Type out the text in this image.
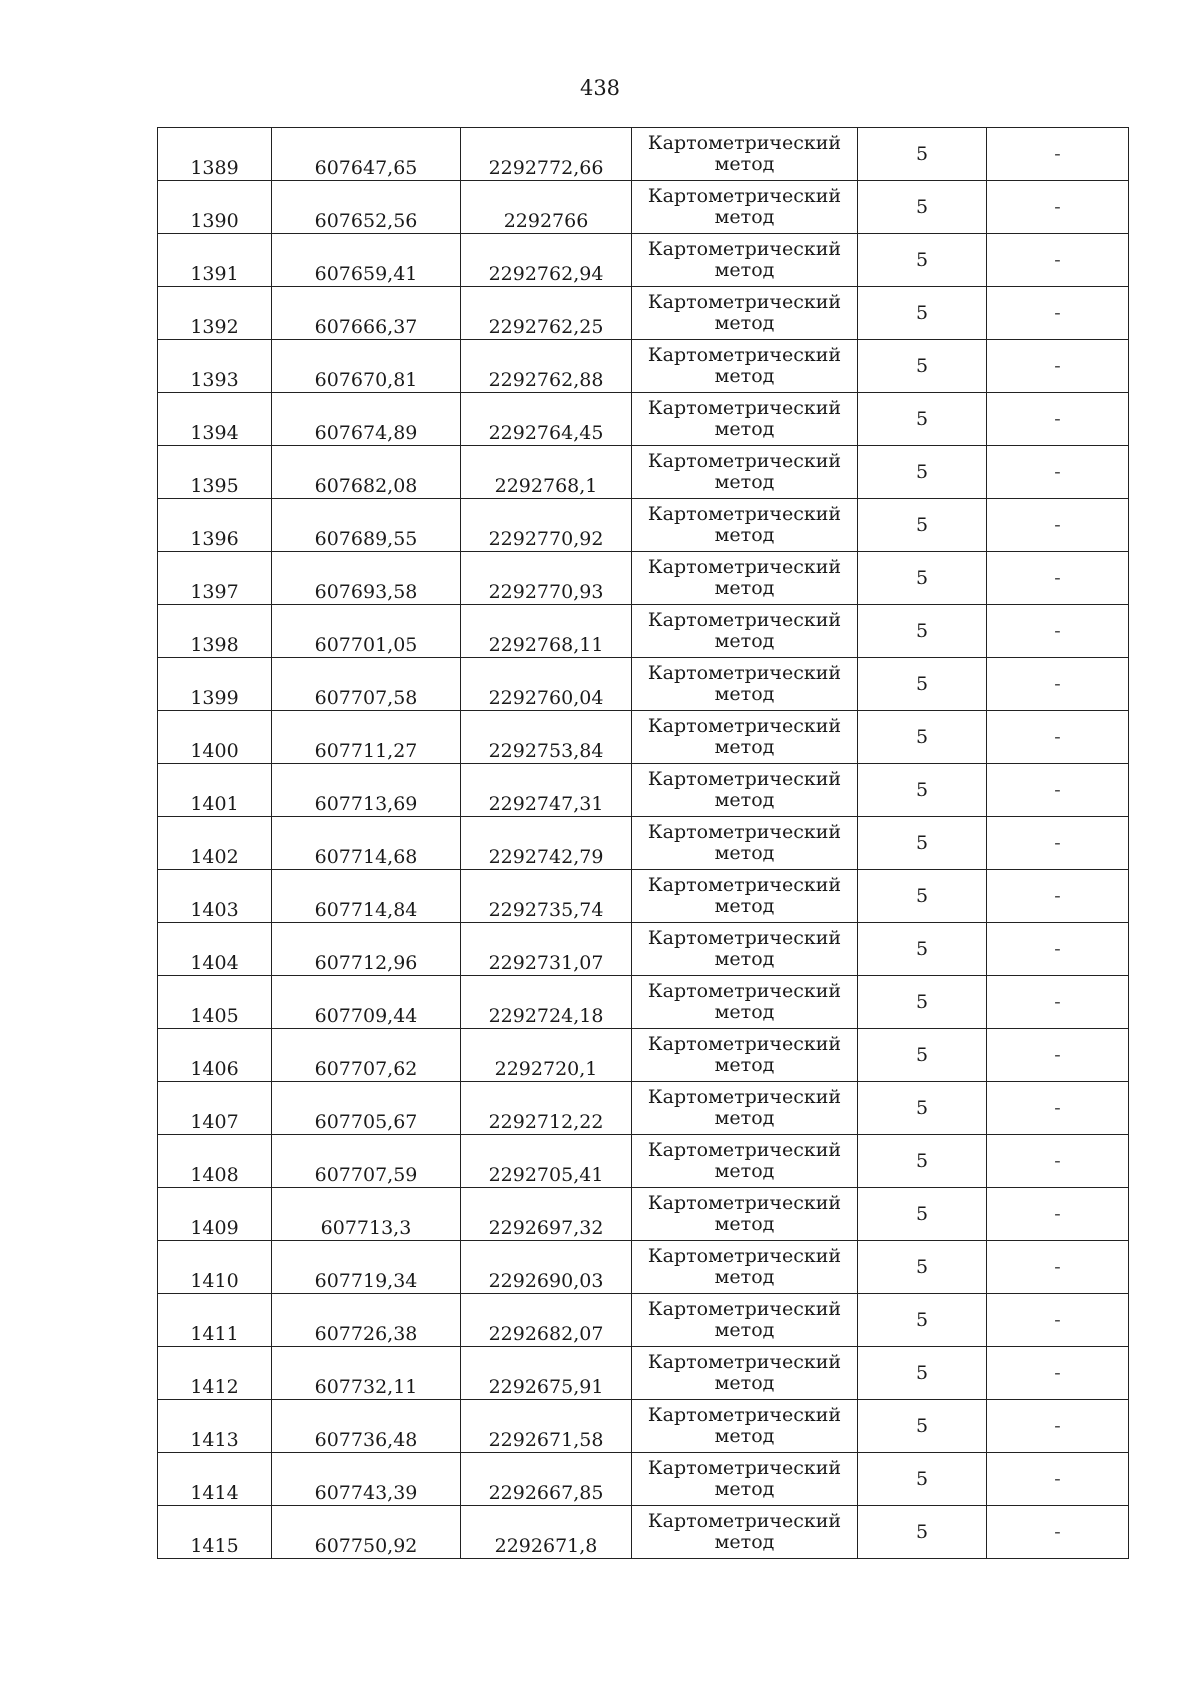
438
1389	607647,65	2292772,66	Картометрический метод	5	-
1390	607652,56	2292766	Картометрический метод	5	-
1391	607659,41	2292762,94	Картометрический метод	5	-
1392	607666,37	2292762,25	Картометрический метод	5	-
1393	607670,81	2292762,88	Картометрический метод	5	-
1394	607674,89	2292764,45	Картометрический метод	5	-
1395	607682,08	2292768,1	Картометрический метод	5	-
1396	607689,55	2292770,92	Картометрический метод	5	-
1397	607693,58	2292770,93	Картометрический метод	5	-
1398	607701,05	2292768,11	Картометрический метод	5	-
1399	607707,58	2292760,04	Картометрический метод	5	-
1400	607711,27	2292753,84	Картометрический метод	5	-
1401	607713,69	2292747,31	Картометрический метод	5	-
1402	607714,68	2292742,79	Картометрический метод	5	-
1403	607714,84	2292735,74	Картометрический метод	5	-
1404	607712,96	2292731,07	Картометрический метод	5	-
1405	607709,44	2292724,18	Картометрический метод	5	-
1406	607707,62	2292720,1	Картометрический метод	5	-
1407	607705,67	2292712,22	Картометрический метод	5	-
1408	607707,59	2292705,41	Картометрический метод	5	-
1409	607713,3	2292697,32	Картометрический метод	5	-
1410	607719,34	2292690,03	Картометрический метод	5	-
1411	607726,38	2292682,07	Картометрический метод	5	-
1412	607732,11	2292675,91	Картометрический метод	5	-
1413	607736,48	2292671,58	Картометрический метод	5	-
1414	607743,39	2292667,85	Картометрический метод	5	-
1415	607750,92	2292671,8	Картометрический метод	5	-
